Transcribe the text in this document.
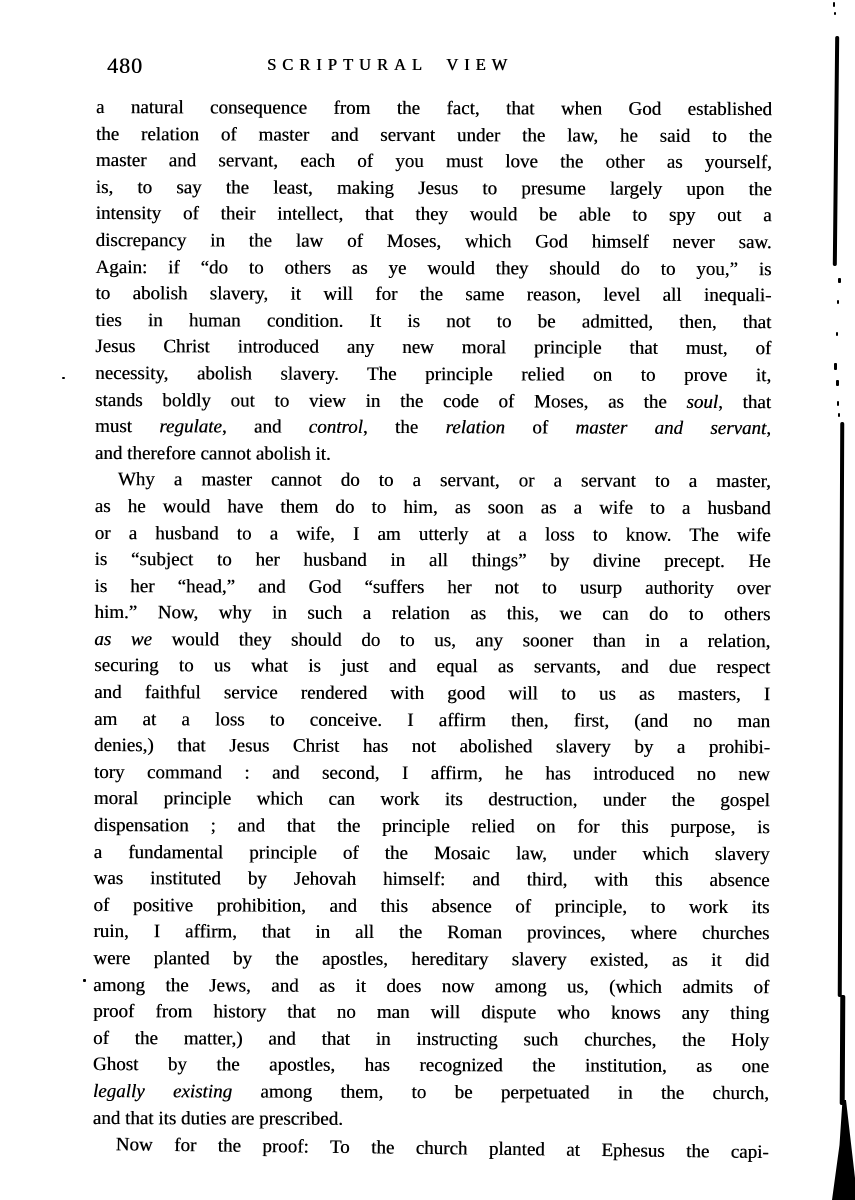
480	SCRIPTURAL VIEW
a natural consequence from the fact, that when God established
the relation of master and servant under the law, he said to the
master and servant, each of you must love the other as yourself,
is, to say the least, making Jesus to presume largely upon the
intensity of their intellect, that they would be able to spy out a
discrepancy in the law of Moses, which God himself never saw.
Again: if “do to others as ye would they should do to you,” is
to abolish slavery, it will for the same reason, level all inequali-
ties in human condition. It is not to be admitted, then, that
Jesus Christ introduced any new moral principle that must, of
necessity, abolish slavery. The principle relied on to prove it,
stands boldly out to view in the code of Moses, as the soul, that
must regulate, and control, the relation of master and servant,
and therefore cannot abolish it.
Why a master cannot do to a servant, or a servant to a master,
as he would have them do to him, as soon as a wife to a husband
or a husband to a wife, I am utterly at a loss to know. The wife
is “subject to her husband in all things” by divine precept. He
is her “head,” and God “suffers her not to usurp authority over
him.” Now, why in such a relation as this, we can do to others
as we would they should do to us, any sooner than in a relation,
securing to us what is just and equal as servants, and due respect
and faithful service rendered with good will to us as masters, I
am at a loss to conceive. I affirm then, first, (and no man
denies,) that Jesus Christ has not abolished slavery by a prohibi-
tory command : and second, I affirm, he has introduced no new
moral principle which can work its destruction, under the gospel
dispensation ; and that the principle relied on for this purpose, is
a fundamental principle of the Mosaic law, under which slavery
was instituted by Jehovah himself: and third, with this absence
of positive prohibition, and this absence of principle, to work its
ruin, I affirm, that in all the Roman provinces, where churches
were planted by the apostles, hereditary slavery existed, as it did
among the Jews, and as it does now among us, (which admits of
proof from history that no man will dispute who knows any thing
of the matter,) and that in instructing such churches, the Holy
Ghost by the apostles, has recognized the institution, as one
legally existing among them, to be perpetuated in the church,
and that its duties are prescribed.
Now for the proof: To the church planted at Ephesus the capi-
